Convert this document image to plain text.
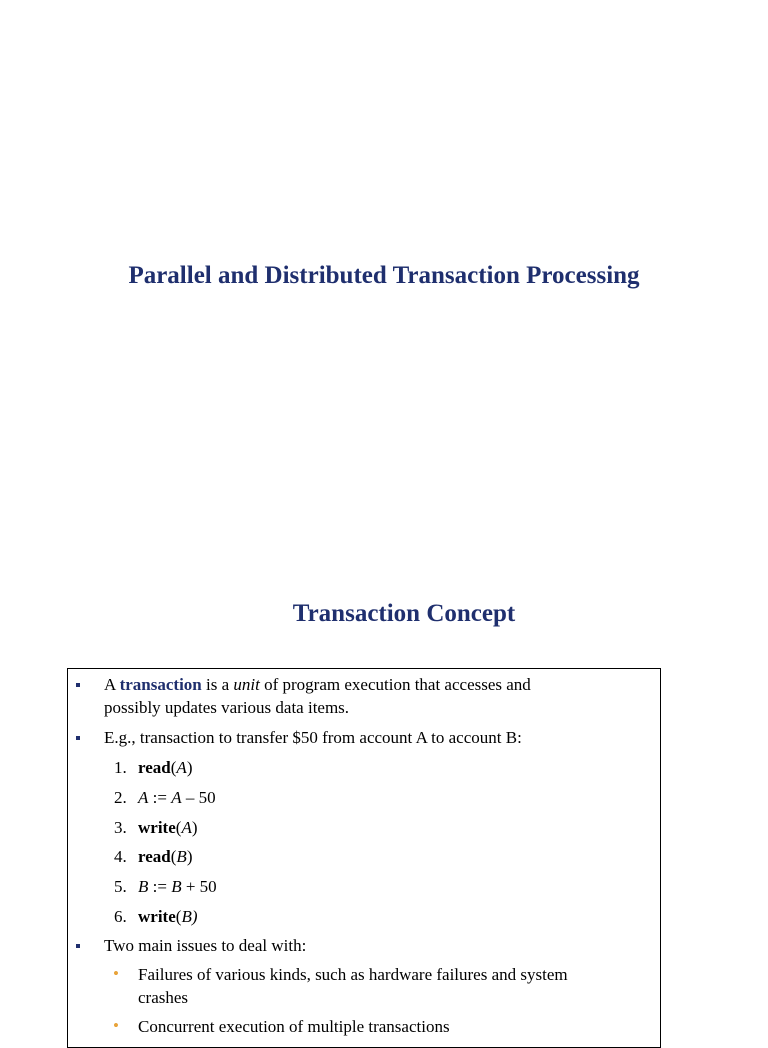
Parallel and Distributed Transaction Processing
Transaction Concept
A transaction is a unit of program execution that accesses and
possibly updates various data items.
E.g., transaction to transfer $50 from account A to account B:
1. read(A)
2. A := A – 50
3. write(A)
4. read(B)
5. B := B + 50
6. write(B)
Two main issues to deal with:
• Failures of various kinds, such as hardware failures and system
crashes
• Concurrent execution of multiple transactions
